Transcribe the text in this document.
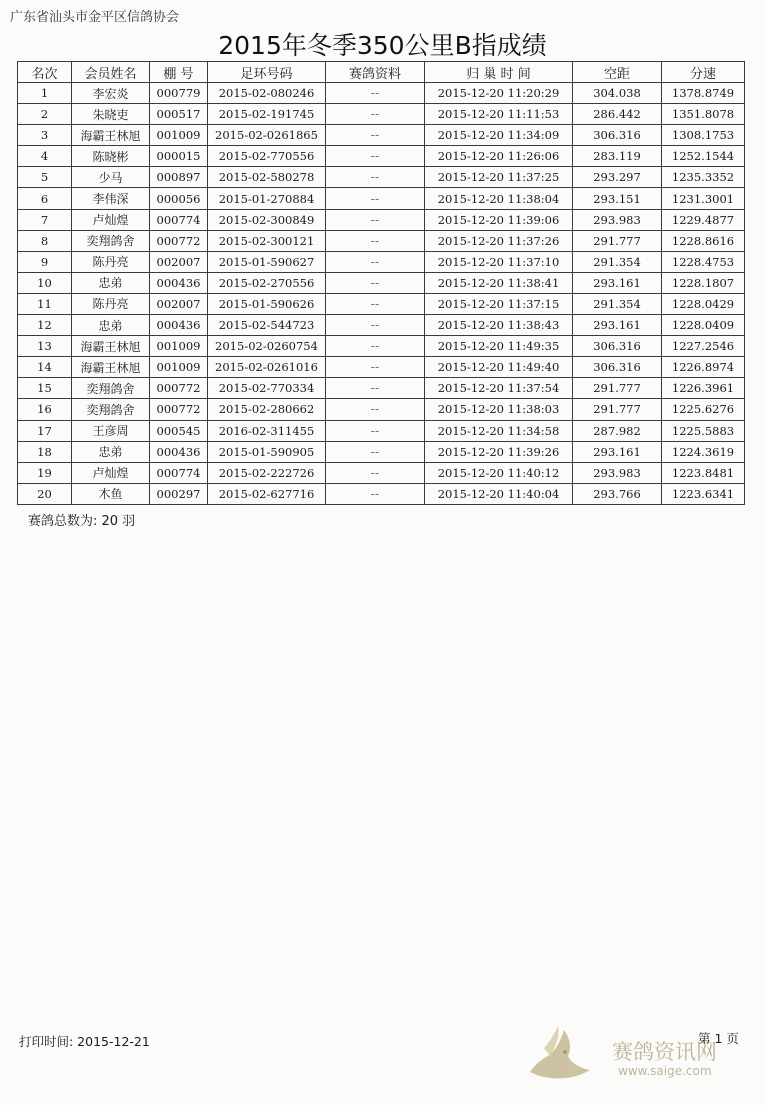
广东省汕头市金平区信鸽协会
2015年冬季350公里B指成绩
名次	会员姓名	棚 号	足环号码	赛鸽资料	归 巢 时 间	空距	分速
1	李宏炎	000779	2015-02-080246	--	2015-12-20 11:20:29	304.038	1378.8749
2	朱晓吏	000517	2015-02-191745	--	2015-12-20 11:11:53	286.442	1351.8078
3	海霸王林旭	001009	2015-02-0261865	--	2015-12-20 11:34:09	306.316	1308.1753
4	陈晓彬	000015	2015-02-770556	--	2015-12-20 11:26:06	283.119	1252.1544
5	少马	000897	2015-02-580278	--	2015-12-20 11:37:25	293.297	1235.3352
6	李伟深	000056	2015-01-270884	--	2015-12-20 11:38:04	293.151	1231.3001
7	卢灿煌	000774	2015-02-300849	--	2015-12-20 11:39:06	293.983	1229.4877
8	奕翔鸽舍	000772	2015-02-300121	--	2015-12-20 11:37:26	291.777	1228.8616
9	陈丹亮	002007	2015-01-590627	--	2015-12-20 11:37:10	291.354	1228.4753
10	忠弟	000436	2015-02-270556	--	2015-12-20 11:38:41	293.161	1228.1807
11	陈丹亮	002007	2015-01-590626	--	2015-12-20 11:37:15	291.354	1228.0429
12	忠弟	000436	2015-02-544723	--	2015-12-20 11:38:43	293.161	1228.0409
13	海霸王林旭	001009	2015-02-0260754	--	2015-12-20 11:49:35	306.316	1227.2546
14	海霸王林旭	001009	2015-02-0261016	--	2015-12-20 11:49:40	306.316	1226.8974
15	奕翔鸽舍	000772	2015-02-770334	--	2015-12-20 11:37:54	291.777	1226.3961
16	奕翔鸽舍	000772	2015-02-280662	--	2015-12-20 11:38:03	291.777	1225.6276
17	王彦周	000545	2016-02-311455	--	2015-12-20 11:34:58	287.982	1225.5883
18	忠弟	000436	2015-01-590905	--	2015-12-20 11:39:26	293.161	1224.3619
19	卢灿煌	000774	2015-02-222726	--	2015-12-20 11:40:12	293.983	1223.8481
20	木鱼	000297	2015-02-627716	--	2015-12-20 11:40:04	293.766	1223.6341
赛鸽总数为: 20 羽
打印时间: 2015-12-21	第 1 页
赛鸽资讯网
www.saige.com
